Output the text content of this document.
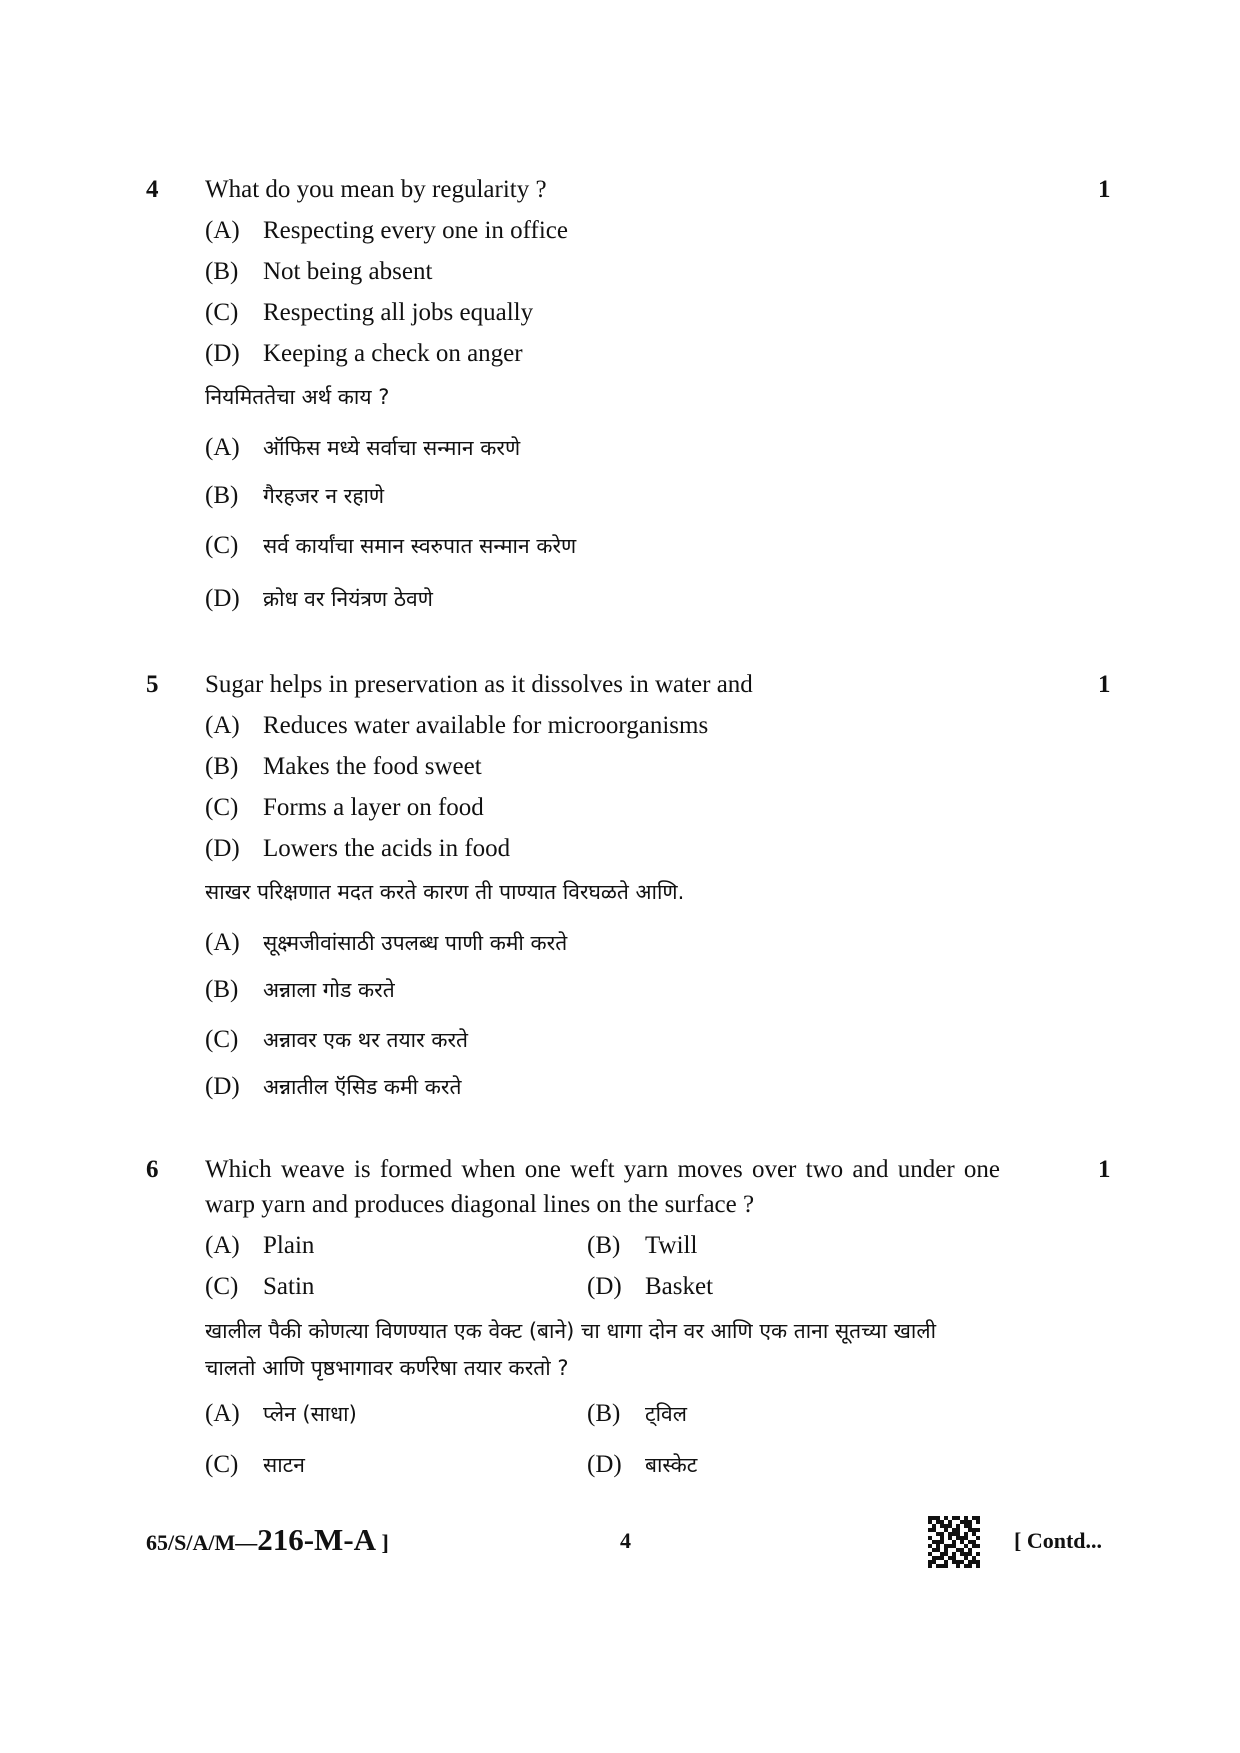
4	1
What do you mean by regularity ?
(A) Respecting every one in office
(B) Not being absent
(C) Respecting all jobs equally
(D) Keeping a check on anger
नियमिततेचा अर्थ काय ?
(A) ऑफिस मध्ये सर्वाचा सन्मान करणे
(B) गैरहजर न रहाणे
(C) सर्व कार्यांचा समान स्वरुपात सन्मान करेण
(D) क्रोध वर नियंत्रण ठेवणे
5	1
Sugar helps in preservation as it dissolves in water and
(A) Reduces water available for microorganisms
(B) Makes the food sweet
(C) Forms a layer on food
(D) Lowers the acids in food
साखर परिक्षणात मदत करते कारण ती पाण्यात विरघळते आणि.
(A) सूक्ष्मजीवांसाठी उपलब्ध पाणी कमी करते
(B) अन्नाला गोड करते
(C) अन्नावर एक थर तयार करते
(D) अन्नातील ऍसिड कमी करते
6	1
Which weave is formed when one weft yarn moves over two and under one
warp yarn and produces diagonal lines on the surface ?
(A) Plain	(B) Twill
(C) Satin	(D) Basket
खालील पैकी कोणत्या विणण्यात एक वेक्ट (बाने) चा धागा दोन वर आणि एक ताना सूतच्या खाली
चालतो आणि पृष्ठभागावर कर्णरेषा तयार करतो ?
(A) प्लेन (साधा)	(B) ट्विल
(C) साटन	(D) बास्केट
65/S/A/M—216-M-A ]	4	[ Contd...
